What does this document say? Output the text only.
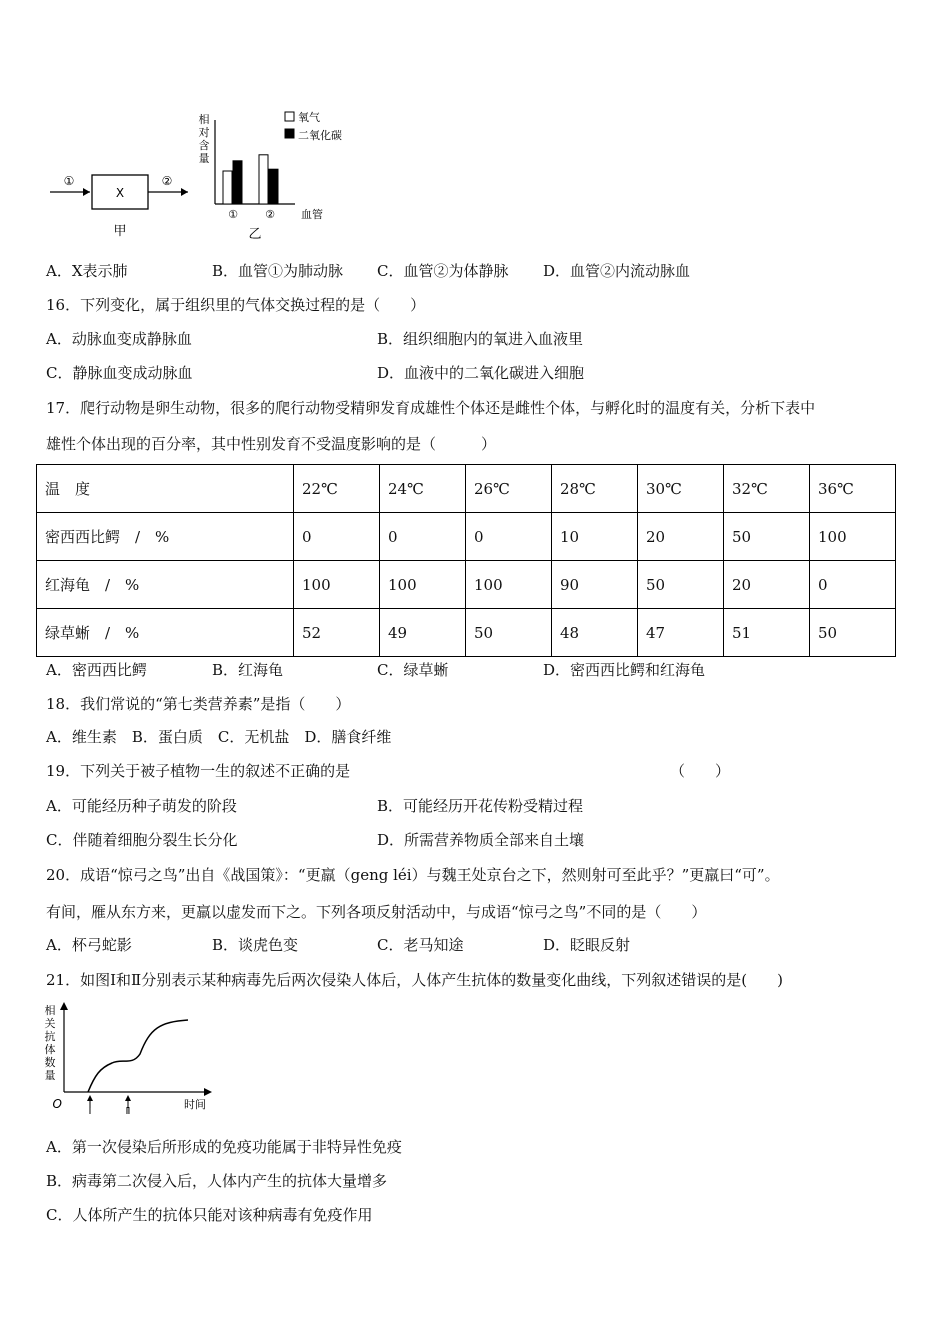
①
X
②
甲
相
对
含
量
氧气
二氧化碳
① ② 血管
乙
A．X表示肺	B．血管①为肺动脉 C．血管②为体静脉 D．血管②内流动脉血
16．下列变化，属于组织里的气体交换过程的是（　　）
A．动脉血变成静脉血	B．组织细胞内的氧进入血液里
C．静脉血变成动脉血	D．血液中的二氧化碳进入细胞
17．爬行动物是卵生动物，很多的爬行动物受精卵发育成雄性个体还是雌性个体，与孵化时的温度有关，分析下表中
雄性个体出现的百分率，其中性别发育不受温度影响的是（　　　）
温　度	22℃	24℃	26℃	28℃	30℃	32℃	36℃
密西西比鳄　/　%	0	0	0	10	20	50	100
红海龟　/　%	100	100	100	90	50	20	0
绿草蜥　/　%	52	49	50	48	47	51	50
A．密西西比鳄	B．红海龟	C．绿草蜥	D．密西西比鳄和红海龟
18．我们常说的“第七类营养素”是指（　　）
A．维生素　B．蛋白质　C．无机盐　D．膳食纤维
19．下列关于被子植物一生的叙述不正确的是	（　　）
A．可能经历种子萌发的阶段	B．可能经历开花传粉受精过程
C．伴随着细胞分裂生长分化	D．所需营养物质全部来自土壤
20．成语“惊弓之鸟”出自《战国策》：“更羸（geng léi）与魏王处京台之下，然则射可至此乎？”更羸曰“可”。
有间，雁从东方来，更羸以虚发而下之。下列各项反射活动中，与成语“惊弓之鸟”不同的是（　　）
A．杯弓蛇影	B．谈虎色变	C．老马知途	D．眨眼反射
21．如图Ⅰ和Ⅱ分别表示某种病毒先后两次侵染人体后，人体产生抗体的数量变化曲线，下列叙述错误的是(　　)
相
关
抗
体
数
量
O
Ⅰ	Ⅱ
时间
A．第一次侵染后所形成的免疫功能属于非特异性免疫
B．病毒第二次侵入后，人体内产生的抗体大量增多
C．人体所产生的抗体只能对该种病毒有免疫作用
